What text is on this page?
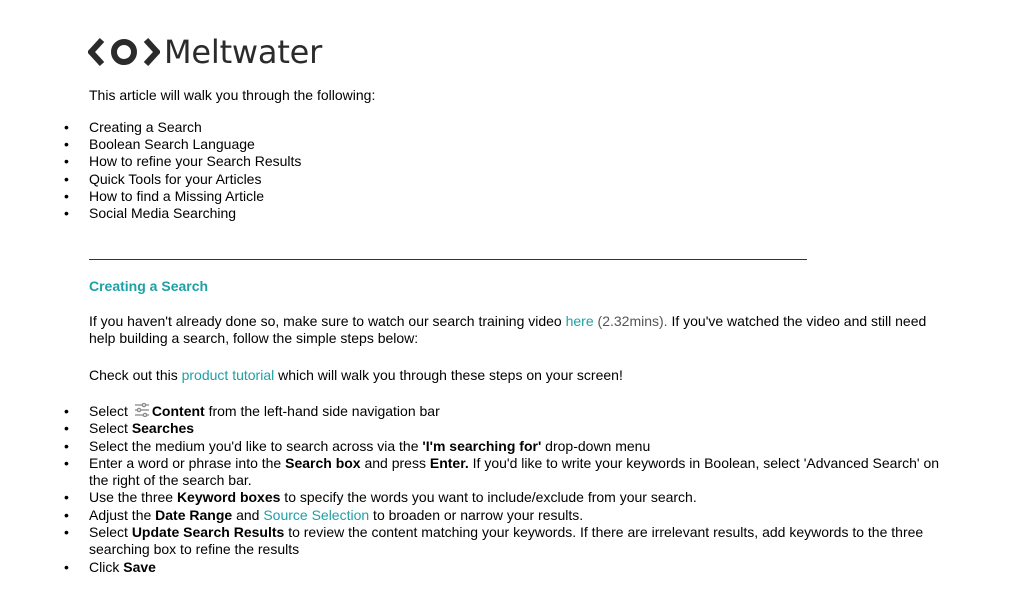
Meltwater

This article will walk you through the following:

• Creating a Search
• Boolean Search Language
• How to refine your Search Results
• Quick Tools for your Articles
• How to find a Missing Article
• Social Media Searching
Creating a Search

If you haven't already done so, make sure to watch our search training video here (2.32mins). If you've watched the video and still need help building a search, follow the simple steps below:

Check out this product tutorial which will walk you through these steps on your screen!

• Select Content from the left-hand side navigation bar
• Select Searches
• Select the medium you'd like to search across via the 'I'm searching for' drop-down menu
• Enter a word or phrase into the Search box and press Enter. If you'd like to write your keywords in Boolean, select 'Advanced Search' on the right of the search bar.
• Use the three Keyword boxes to specify the words you want to include/exclude from your search.
• Adjust the Date Range and Source Selection to broaden or narrow your results.
• Select Update Search Results to review the content matching your keywords. If there are irrelevant results, add keywords to the three searching box to refine the results
• Click Save
